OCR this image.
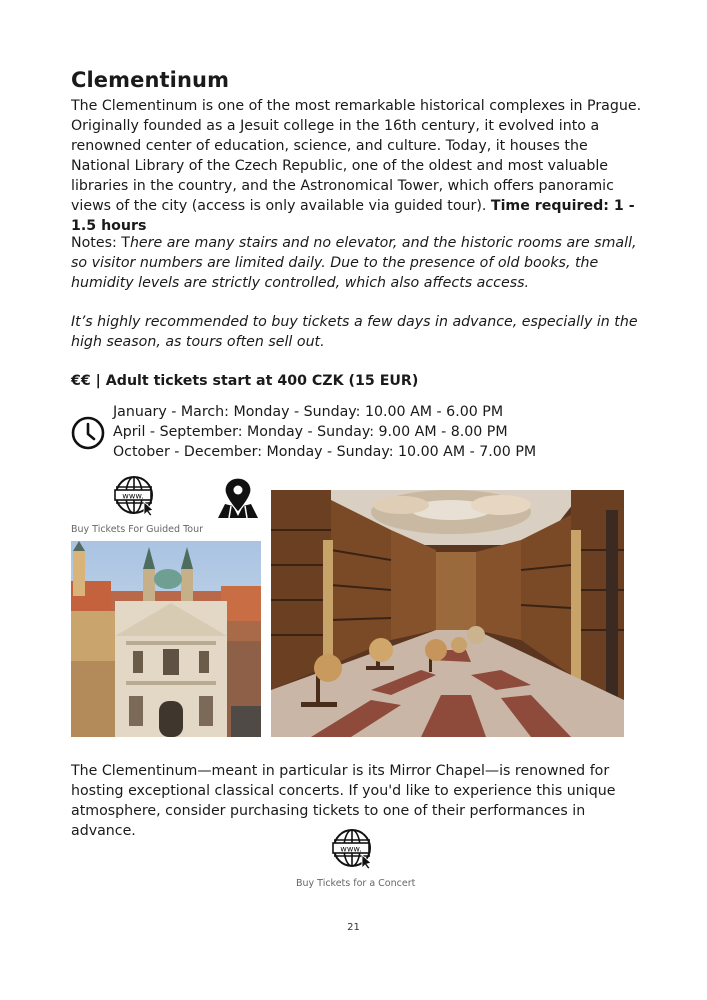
Clementinum

The Clementinum is one of the most remarkable historical complexes in Prague. Originally founded as a Jesuit college in the 16th century, it evolved into a renowned center of education, science, and culture. Today, it houses the National Library of the Czech Republic, one of the oldest and most valuable libraries in the country, and the Astronomical Tower, which offers panoramic views of the city (access is only available via guided tour). Time required: 1 - 1.5 hours

Notes: There are many stairs and no elevator, and the historic rooms are small, so visitor numbers are limited daily. Due to the presence of old books, the humidity levels are strictly controlled, which also affects access.

It’s highly recommended to buy tickets a few days in advance, especially in the high season, as tours often sell out.

€€ | Adult tickets start at 400 CZK (15 EUR)

January - March: Monday - Sunday: 10.00 AM - 6.00 PM
April - September: Monday - Sunday: 9.00 AM - 8.00 PM
October - December: Monday - Sunday: 10.00 AM - 7.00 PM
www.
Buy Tickets For Guided Tour

The Clementinum—meant in particular is its Mirror Chapel—is renowned for hosting exceptional classical concerts. If you'd like to experience this unique atmosphere, consider purchasing tickets to one of their performances in advance.

www.
Buy Tickets for a Concert
21
